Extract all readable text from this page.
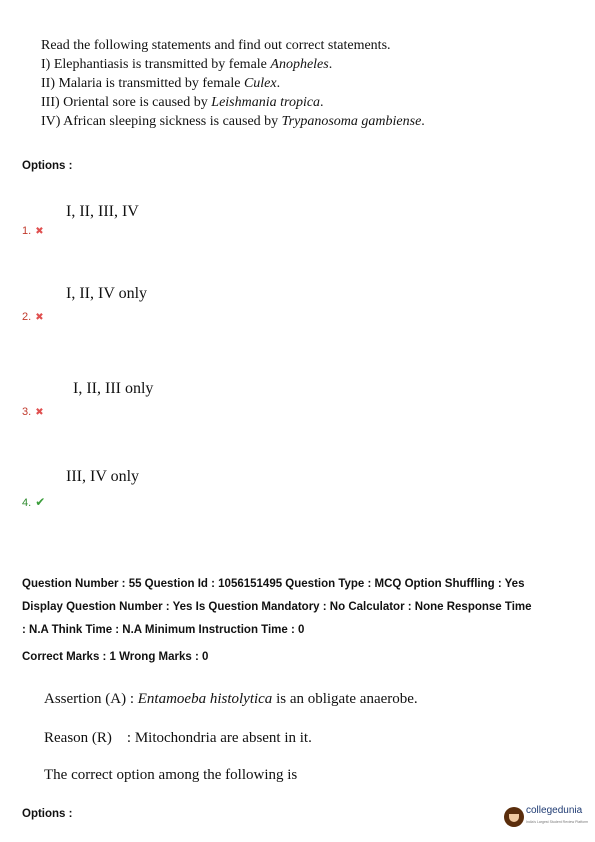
Read the following statements and find out correct statements.
I) Elephantiasis is transmitted by female Anopheles.
II) Malaria is transmitted by female Culex.
III) Oriental sore is caused by Leishmania tropica.
IV) African sleeping sickness is caused by Trypanosoma gambiense.
Options :
I, II, III, IV
1. ✖
I, II, IV only
2. ✖
I, II, III only
3. ✖
III, IV only
4. ✔
Question Number : 55 Question Id : 1056151495 Question Type : MCQ Option Shuffling : Yes
Display Question Number : Yes Is Question Mandatory : No Calculator : None Response Time
: N.A Think Time : N.A Minimum Instruction Time : 0
Correct Marks : 1 Wrong Marks : 0
Assertion (A) : Entamoeba histolytica is an obligate anaerobe.
Reason (R)    : Mitochondria are absent in it.
The correct option among the following is
Options :	collegedunia
India's Largest Student Review Platform
